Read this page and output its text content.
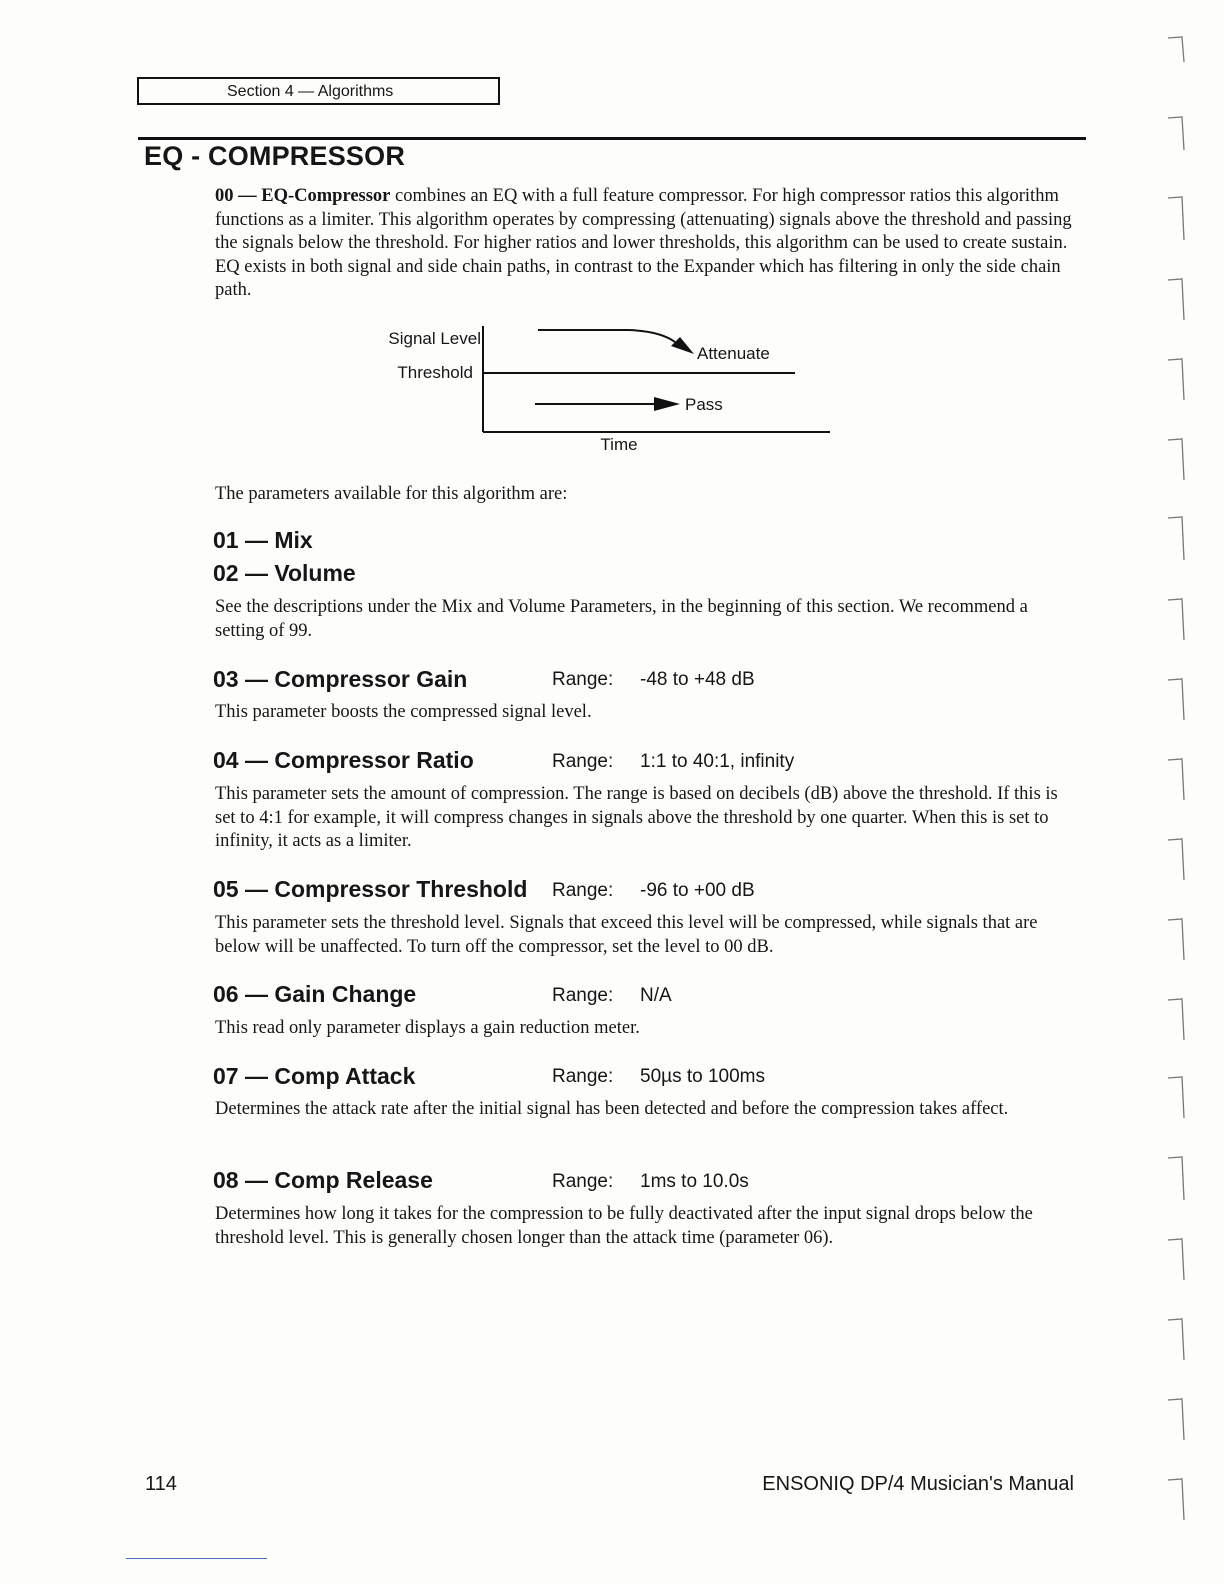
Section 4 — Algorithms
EQ - COMPRESSOR

00 — EQ-Compressor combines an EQ with a full feature compressor. For high compressor ratios this algorithm functions as a limiter. This algorithm operates by compressing (attenuating) signals above the threshold and passing the signals below the threshold. For higher ratios and lower thresholds, this algorithm can be used to create sustain. EQ exists in both signal and side chain paths, in contrast to the Expander which has filtering in only the side chain path.

Signal Level
Threshold
Attenuate
Pass
Time

The parameters available for this algorithm are:

01 — Mix
02 — Volume

See the descriptions under the Mix and Volume Parameters, in the beginning of this section. We recommend a setting of 99.

03 — Compressor Gain	Range: -48 to +48 dB

This parameter boosts the compressed signal level.

04 — Compressor Ratio	Range: 1:1 to 40:1, infinity

This parameter sets the amount of compression. The range is based on decibels (dB) above the threshold. If this is set to 4:1 for example, it will compress changes in signals above the threshold by one quarter. When this is set to infinity, it acts as a limiter.

05 — Compressor Threshold Range: -96 to +00 dB

This parameter sets the threshold level. Signals that exceed this level will be compressed, while signals that are below will be unaffected. To turn off the compressor, set the level to 00 dB.

06 — Gain Change	Range: N/A

This read only parameter displays a gain reduction meter.

07 — Comp Attack	Range: 50µs to 100ms

Determines the attack rate after the initial signal has been detected and before the compression takes affect.

08 — Comp Release	Range: 1ms to 10.0s

Determines how long it takes for the compression to be fully deactivated after the input signal drops below the threshold level. This is generally chosen longer than the attack time (parameter 06).

114	ENSONIQ DP/4 Musician's Manual
